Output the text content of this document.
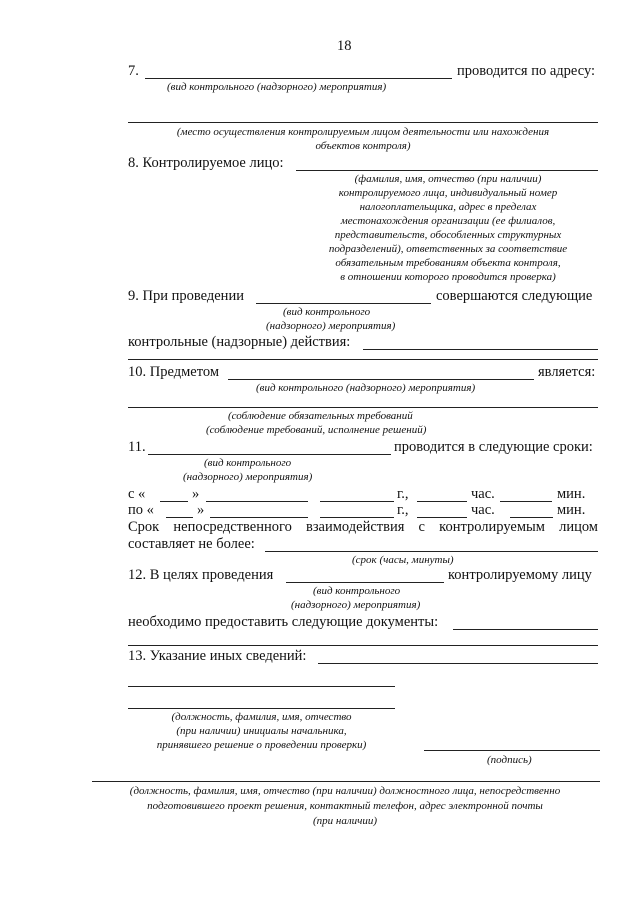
18
7.	проводится по адресу:
(вид контрольного (надзорного) мероприятия)
(место осуществления контролируемым лицом деятельности или нахождения
объектов контроля)
8. Контролируемое лицо:
(фамилия, имя, отчество (при наличии)
контролируемого лица, индивидуальный номер
налогоплательщика, адрес в пределах
местонахождения организации (ее филиалов,
представительств, обособленных структурных
подразделений), ответственных за соответствие
обязательным требованиям объекта контроля,
в отношении которого проводится проверка)
9. При проведении	совершаются следующие
(вид контрольного
(надзорного) мероприятия)
контрольные (надзорные) действия:
10. Предметом	является:
(вид контрольного (надзорного) мероприятия)
(соблюдение обязательных требований
(соблюдение требований, исполнение решений)
11.	проводится в следующие сроки:
(вид контрольного
(надзорного) мероприятия)
с «	»	г.,	час.	мин.
по «	»	г.,	час.	мин.
Срок непосредственного взаимодействия с контролируемым лицом
составляет не более:
(срок (часы, минуты)
12. В целях проведения	контролируемому лицу
(вид контрольного
(надзорного) мероприятия)
необходимо предоставить следующие документы:
13. Указание иных сведений:
(должность, фамилия, имя, отчество
(при наличии) инициалы начальника,
принявшего решение о проведении проверки)
(подпись)
(должность, фамилия, имя, отчество (при наличии) должностного лица, непосредственно
подготовившего проект решения, контактный телефон, адрес электронной почты
(при наличии)
